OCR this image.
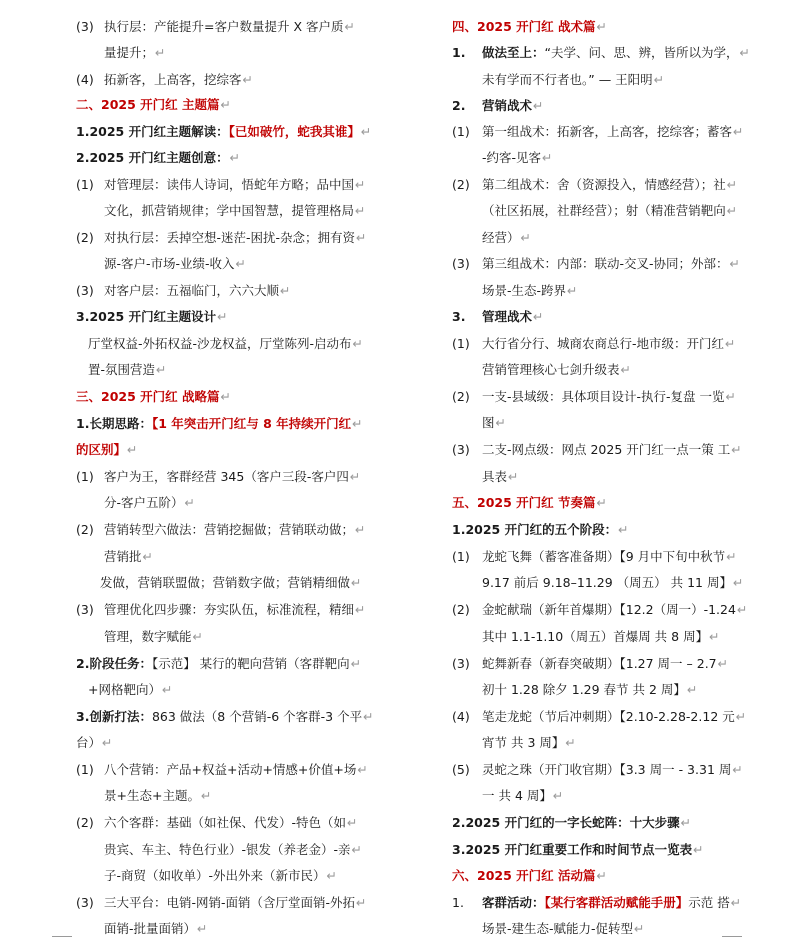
(3) 执行层：产能提升=客户数量提升 X 客户质↵
量提升；↵
(4) 拓新客，上高客，挖综客↵
二、2025 开门红 主题篇↵
1.2025 开门红主题解读：【已如破竹，蛇我其谁】↵
2.2025 开门红主题创意：↵
(1) 对管理层：读伟人诗词，悟蛇年方略；品中国↵
文化，抓营销规律；学中国智慧，提管理格局↵
(2) 对执行层：丢掉空想-迷茫-困扰-杂念；拥有资↵
源-客户-市场-业绩-收入↵
(3) 对客户层：五福临门，六六大顺↵
3.2025 开门红主题设计↵
厅堂权益-外拓权益-沙龙权益，厅堂陈列-启动布↵
置-氛围营造↵
三、2025 开门红 战略篇↵
1.长期思路：【1 年突击开门红与 8 年持续开门红↵
的区别】↵
(1) 客户为王，客群经营 345（客户三段-客户四↵
分-客户五阶）↵
(2) 营销转型六做法：营销挖掘做；营销联动做；↵
营销批↵
发做，营销联盟做；营销数字做；营销精细做↵
(3) 管理优化四步骤：夯实队伍，标准流程，精细↵
管理，数字赋能↵
2.阶段任务：【示范】 某行的靶向营销（客群靶向↵
+网格靶向）↵
3.创新打法：863 做法（8 个营销-6 个客群-3 个平↵
台）↵
(1) 八个营销：产品+权益+活动+情感+价值+场↵
景+生态+主题。↵
(2) 六个客群：基础（如社保、代发）-特色（如↵
贵宾、车主、特色行业）-银发（养老金）-亲↵
子-商贸（如收单）-外出外来（新市民）↵
(3) 三大平台：电销-网销-面销（含厅堂面销-外拓↵
面销-批量面销）↵
四、2025 开门红 战术篇↵
1. 做法至上：“夫学、问、思、辨，皆所以为学，↵
未有学而不行者也。” — 王阳明↵
2. 营销战术↵
(1) 第一组战术：拓新客，上高客，挖综客；蓄客↵
-约客-见客↵
(2) 第二组战术：舍（资源投入，情感经营）；社↵
（社区拓展，社群经营）；射（精准营销靶向↵
经营）↵
(3) 第三组战术：内部：联动-交叉-协同；外部：↵
场景-生态-跨界↵
3. 管理战术↵
(1) 大行省分行、城商农商总行-地市级：开门红↵
营销管理核心七剑升级表↵
(2) 一支-县域级：具体项目设计-执行-复盘 一览↵
图↵
(3) 二支-网点级：网点 2025 开门红一点一策 工↵
具表↵
五、2025 开门红 节奏篇↵
1.2025 开门红的五个阶段：↵
(1) 龙蛇飞舞（蓄客准备期）【9 月中下旬中秋节↵
9.17 前后 9.18–11.29 （周五） 共 11 周】↵
(2) 金蛇献瑞（新年首爆期）【12.2（周一）-1.24↵
其中 1.1-1.10（周五）首爆周 共 8 周】↵
(3) 蛇舞新春（新春突破期）【1.27 周一 – 2.7↵
初十 1.28 除夕 1.29 春节 共 2 周】↵
(4) 笔走龙蛇（节后冲刺期）【2.10-2.28-2.12 元↵
宵节 共 3 周】↵
(5) 灵蛇之珠（开门收官期）【3.3 周一 - 3.31 周↵
一 共 4 周】↵
2.2025 开门红的一字长蛇阵：十大步骤↵
3.2025 开门红重要工作和时间节点一览表↵
六、2025 开门红 活动篇↵
1. 客群活动：【某行客群活动赋能手册】示范 搭↵
场景-建生态-赋能力-促转型↵
